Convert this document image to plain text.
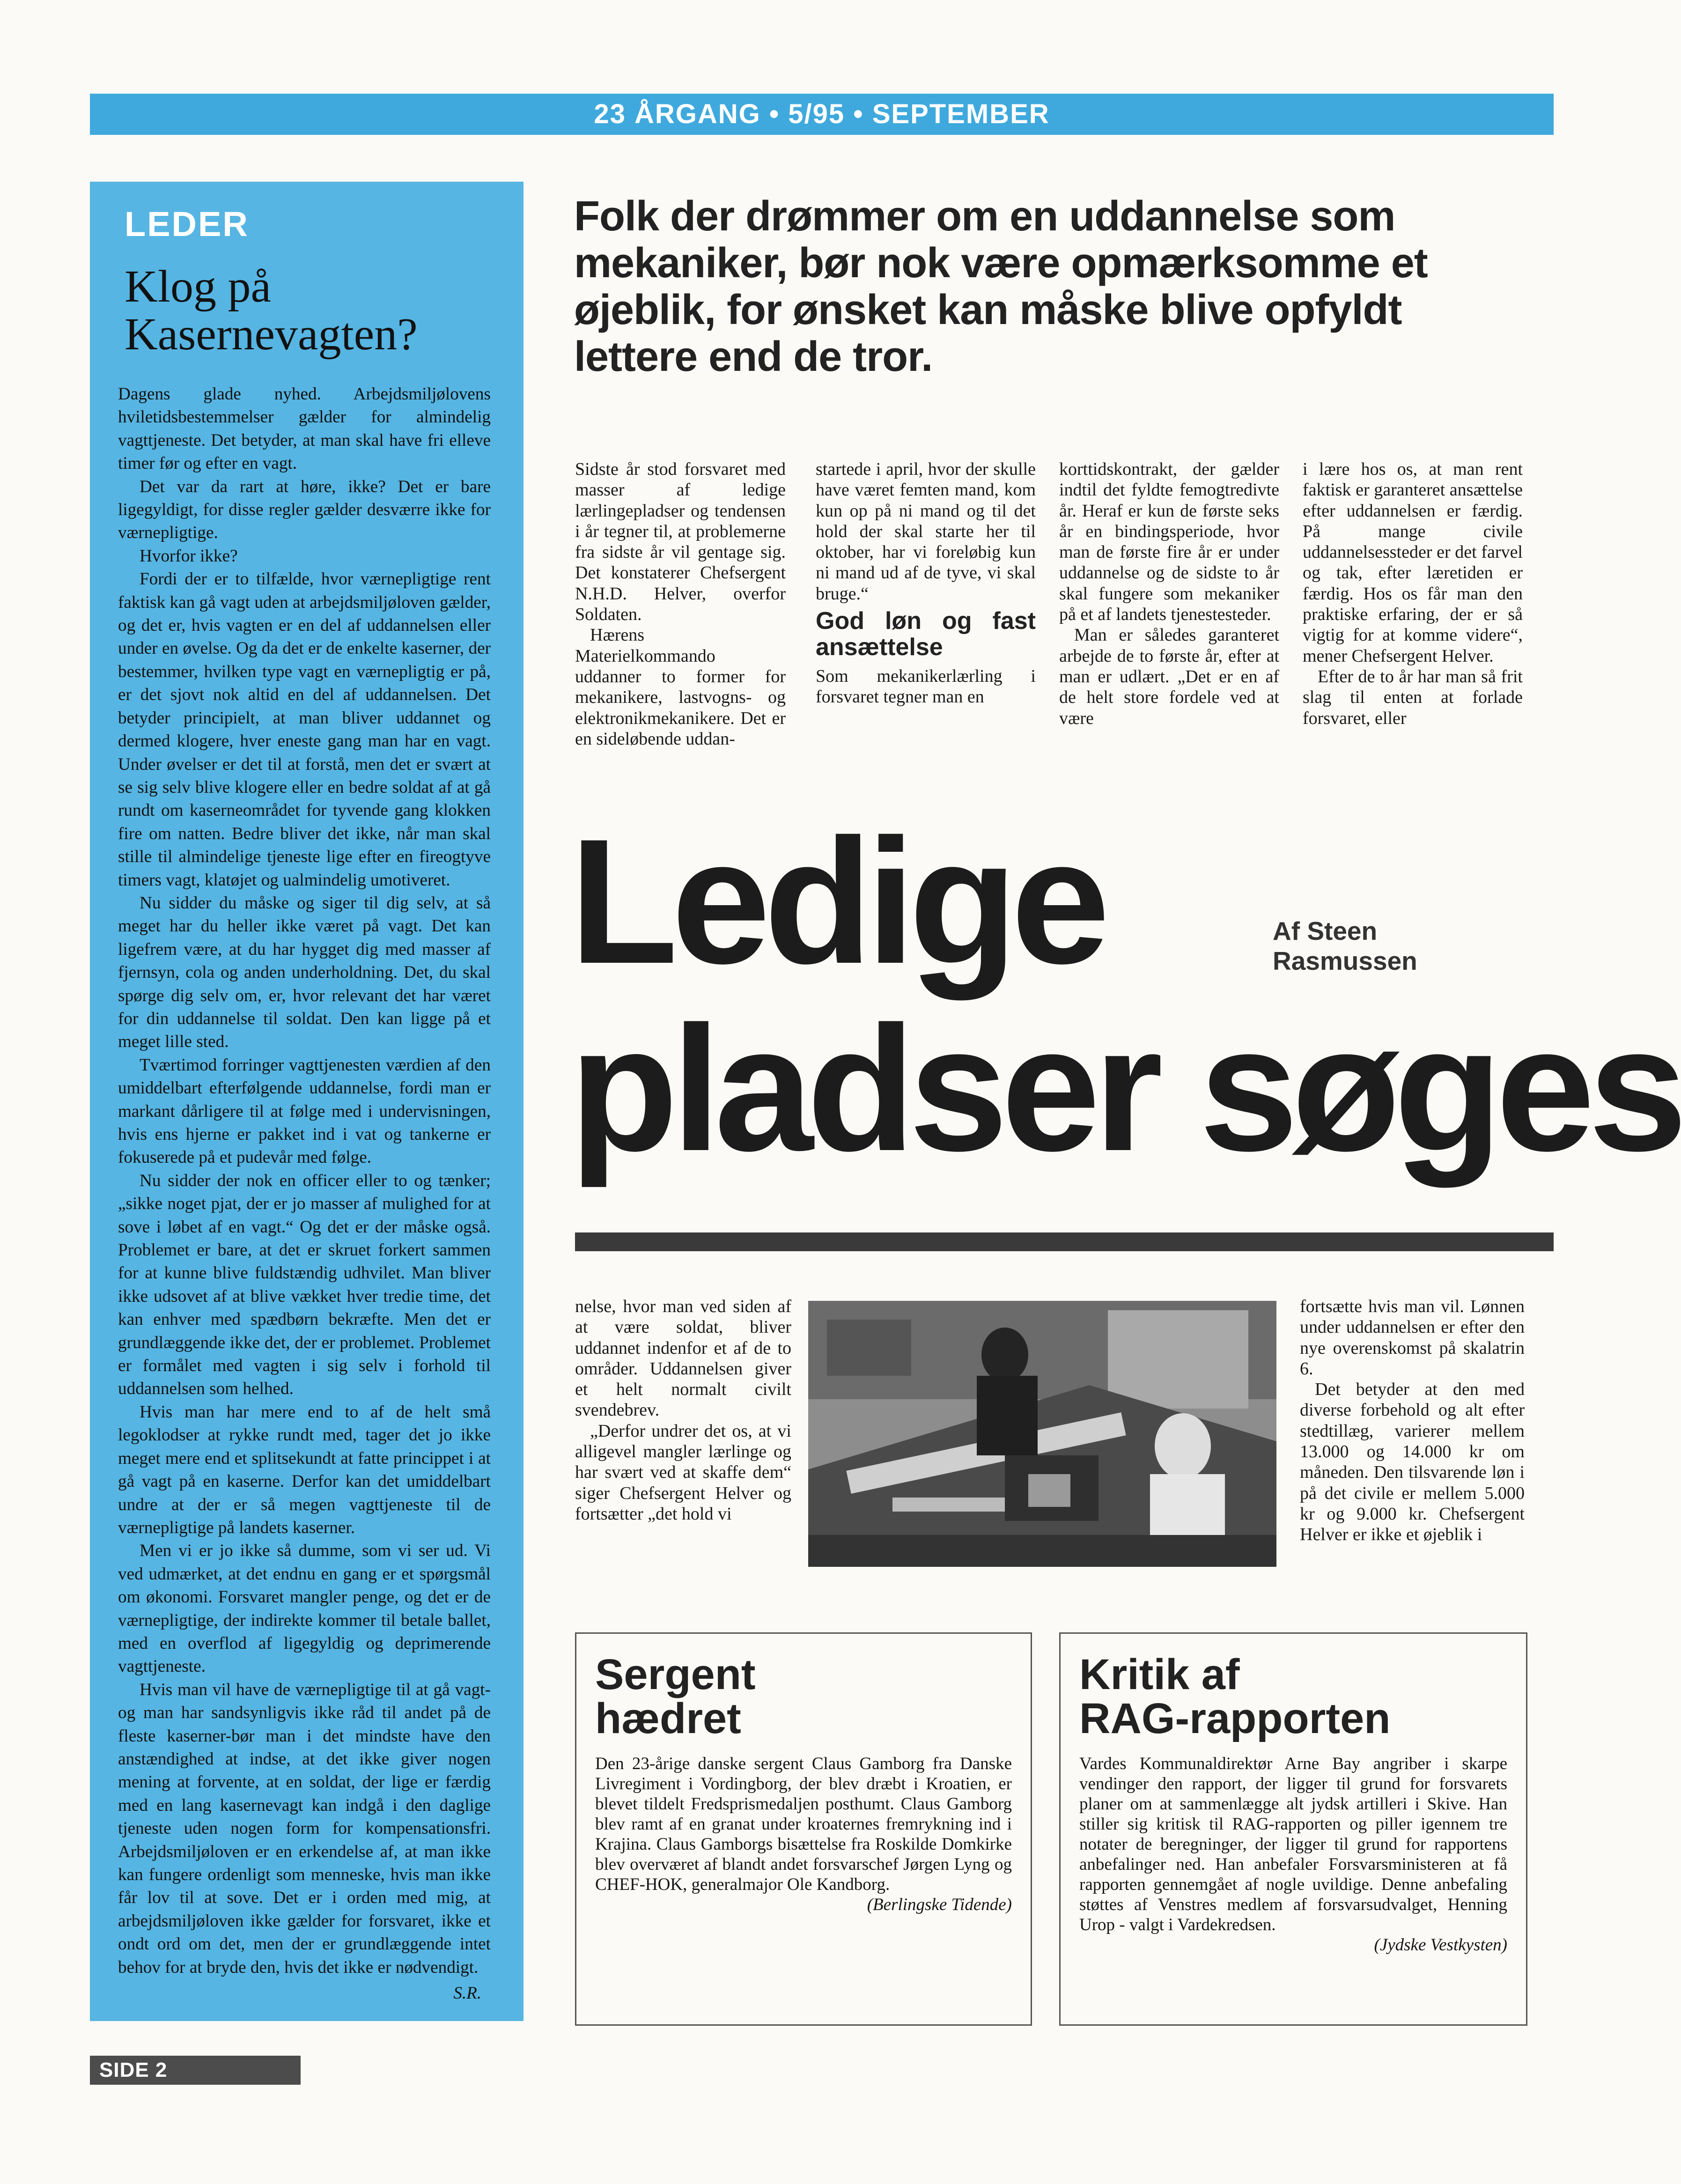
23 ÅRGANG • 5/95 • SEPTEMBER
LEDER
Klog på
Kasernevagten?

Dagens glade nyhed. Arbejdsmiljølovens hviletidsbestemmelser gælder for almindelig vagttjeneste. Det betyder, at man skal have fri elleve timer før og efter en vagt.

Det var da rart at høre, ikke? Det er bare ligegyldigt, for disse regler gælder desværre ikke for værnepligtige.

Hvorfor ikke?

Fordi der er to tilfælde, hvor værnepligtige rent faktisk kan gå vagt uden at arbejdsmiljøloven gælder, og det er, hvis vagten er en del af uddannelsen eller under en øvelse. Og da det er de enkelte kaserner, der bestemmer, hvilken type vagt en værnepligtig er på, er det sjovt nok altid en del af uddannelsen. Det betyder principielt, at man bliver uddannet og dermed klogere, hver eneste gang man har en vagt. Under øvelser er det til at forstå, men det er svært at se sig selv blive klogere eller en bedre soldat af at gå rundt om kaserneområdet for tyvende gang klokken fire om natten. Bedre bliver det ikke, når man skal stille til almindelige tjeneste lige efter en fireogtyve timers vagt, klatøjet og ualmindelig umotiveret.

Nu sidder du måske og siger til dig selv, at så meget har du heller ikke været på vagt. Det kan ligefrem være, at du har hygget dig med masser af fjernsyn, cola og anden underholdning. Det, du skal spørge dig selv om, er, hvor relevant det har været for din uddannelse til soldat. Den kan ligge på et meget lille sted.

Tværtimod forringer vagttjenesten værdien af den umiddelbart efterfølgende uddannelse, fordi man er markant dårligere til at følge med i undervisningen, hvis ens hjerne er pakket ind i vat og tankerne er fokuserede på et pudevår med følge.

Nu sidder der nok en officer eller to og tænker; „sikke noget pjat, der er jo masser af mulighed for at sove i løbet af en vagt.“ Og det er der måske også. Problemet er bare, at det er skruet forkert sammen for at kunne blive fuldstændig udhvilet. Man bliver ikke udsovet af at blive vækket hver tredie time, det kan enhver med spædbørn bekræfte. Men det er grundlæggende ikke det, der er problemet. Problemet er formålet med vagten i sig selv i forhold til uddannelsen som helhed.

Hvis man har mere end to af de helt små legoklodser at rykke rundt med, tager det jo ikke meget mere end et splitsekundt at fatte princippet i at gå vagt på en kaserne. Derfor kan det umiddelbart undre at der er så megen vagttjeneste til de værnepligtige på landets kaserner.

Men vi er jo ikke så dumme, som vi ser ud. Vi ved udmærket, at det endnu en gang er et spørgsmål om økonomi. Forsvaret mangler penge, og det er de værnepligtige, der indirekte kommer til betale ballet, med en overflod af ligegyldig og deprimerende vagttjeneste.

Hvis man vil have de værnepligtige til at gå vagt-og man har sandsynligvis ikke råd til andet på de fleste kaserner-bør man i det mindste have den anstændighed at indse, at det ikke giver nogen mening at forvente, at en soldat, der lige er færdig med en lang kasernevagt kan indgå i den daglige tjeneste uden nogen form for kompensationsfri. Arbejdsmiljøloven er en erkendelse af, at man ikke kan fungere ordenligt som menneske, hvis man ikke får lov til at sove. Det er i orden med mig, at arbejdsmiljøloven ikke gælder for forsvaret, ikke et ondt ord om det, men der er grundlæggende intet behov for at bryde den, hvis det ikke er nødvendigt.

S.R.
Folk der drømmer om en uddannelse som mekaniker, bør nok være opmærksomme et øjeblik, for ønsket kan måske blive opfyldt lettere end de tror.

Sidste år stod forsvaret med masser af ledige lærlingepladser og tendensen i år tegner til, at problemerne fra sidste år vil gentage sig. Det konstaterer Chefsergent N.H.D. Helver, overfor Soldaten.

Hærens Materielkommando uddanner to former for mekanikere, lastvogns- og elektronikmekanikere. Det er en sideløbende uddan-

startede i april, hvor der skulle have været femten mand, kom kun op på ni mand og til det hold der skal starte her til oktober, har vi foreløbig kun ni mand ud af de tyve, vi skal bruge.“

God løn og fast ansættelse

Som mekanikerlærling i forsvaret tegner man en

korttidskontrakt, der gælder indtil det fyldte femogtredivte år. Heraf er kun de første seks år en bindingsperiode, hvor man de første fire år er under uddannelse og de sidste to år skal fungere som mekaniker på et af landets tjenestesteder.

Man er således garanteret arbejde de to første år, efter at man er udlært. „Det er en af de helt store fordele ved at være

i lære hos os, at man rent faktisk er garanteret ansættelse efter uddannelsen er færdig. På mange civile uddannelsessteder er det farvel og tak, efter læretiden er færdig. Hos os får man den praktiske erfaring, der er så vigtig for at komme videre“, mener Chefsergent Helver.

Efter de to år har man så frit slag til enten at forlade forsvaret, eller

Ledige	Af Steen
Rasmussen
pladser søges

nelse, hvor man ved siden af at være soldat, bliver uddannet indenfor et af de to områder. Uddannelsen giver et helt normalt civilt svendebrev.

„Derfor undrer det os, at vi alligevel mangler lærlinge og har svært ved at skaffe dem“ siger Chefsergent Helver og fortsætter „det hold vi

fortsætte hvis man vil. Lønnen under uddannelsen er efter den nye overenskomst på skalatrin 6.

Det betyder at den med diverse forbehold og alt efter stedtillæg, varierer mellem 13.000 og 14.000 kr om måneden. Den tilsvarende løn i på det civile er mellem 5.000 kr og 9.000 kr. Chefsergent Helver er ikke et øjeblik i

Sergent
hædret
Den 23-årige danske sergent Claus Gamborg fra Danske Livregiment i Vordingborg, der blev dræbt i Kroatien, er blevet tildelt Fredsprismedaljen posthumt. Claus Gamborg blev ramt af en granat under kroaternes fremrykning ind i Krajina. Claus Gamborgs bisættelse fra Roskilde Domkirke blev overværet af blandt andet forsvarschef Jørgen Lyng og CHEF-HOK, generalmajor Ole Kandborg.
(Berlingske Tidende)
Kritik af
RAG-rapporten
Vardes Kommunaldirektør Arne Bay angriber i skarpe vendinger den rapport, der ligger til grund for forsvarets planer om at sammenlægge alt jydsk artilleri i Skive. Han stiller sig kritisk til RAG-rapporten og piller igennem tre notater de beregninger, der ligger til grund for rapportens anbefalinger ned. Han anbefaler Forsvarsministeren at få rapporten gennemgået af nogle uvildige. Denne anbefaling støttes af Venstres medlem af forsvarsudvalget, Henning Urop - valgt i Vardekredsen.
(Jydske Vestkysten)
SIDE 2
